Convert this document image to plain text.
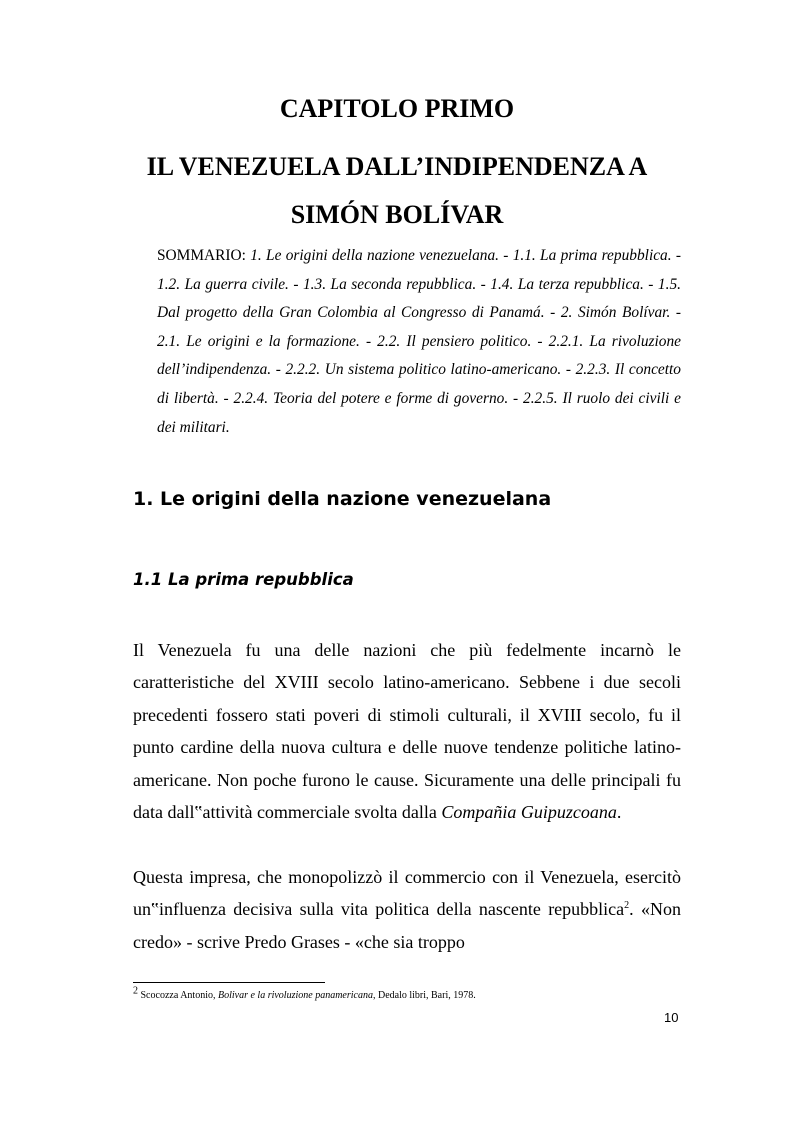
CAPITOLO PRIMO
IL VENEZUELA DALL’INDIPENDENZA A
SIMÓN BOLÍVAR

SOMMARIO: 1. Le origini della nazione venezuelana. - 1.1. La prima repubblica. - 1.2. La guerra civile. - 1.3. La seconda repubblica. - 1.4. La terza repubblica. - 1.5. Dal progetto della Gran Colombia al Congresso di Panamá. - 2. Simón Bolívar. - 2.1. Le origini e la formazione. - 2.2. Il pensiero politico. - 2.2.1. La rivoluzione dell’indipendenza. - 2.2.2. Un sistema politico latino-americano. - 2.2.3. Il concetto di libertà. - 2.2.4. Teoria del potere e forme di governo. - 2.2.5. Il ruolo dei civili e dei militari.

1. Le origini della nazione venezuelana
1.1 La prima repubblica

Il Venezuela fu una delle nazioni che più fedelmente incarnò le caratteristiche del XVIII secolo latino-americano. Sebbene i due secoli precedenti fossero stati poveri di stimoli culturali, il XVIII secolo, fu il punto cardine della nuova cultura e delle nuove tendenze politiche latino-americane. Non poche furono le cause. Sicuramente una delle principali fu data dall‟attività commerciale svolta dalla Compañia Guipuzcoana.

Questa impresa, che monopolizzò il commercio con il Venezuela, esercitò un‟influenza decisiva sulla vita politica della nascente repubblica$^2$. «Non credo» - scrive Predo Grases - «che sia troppo

$^2$ Scocozza Antonio, Bolivar e la rivoluzione panamericana, Dedalo libri, Bari, 1978.

10
